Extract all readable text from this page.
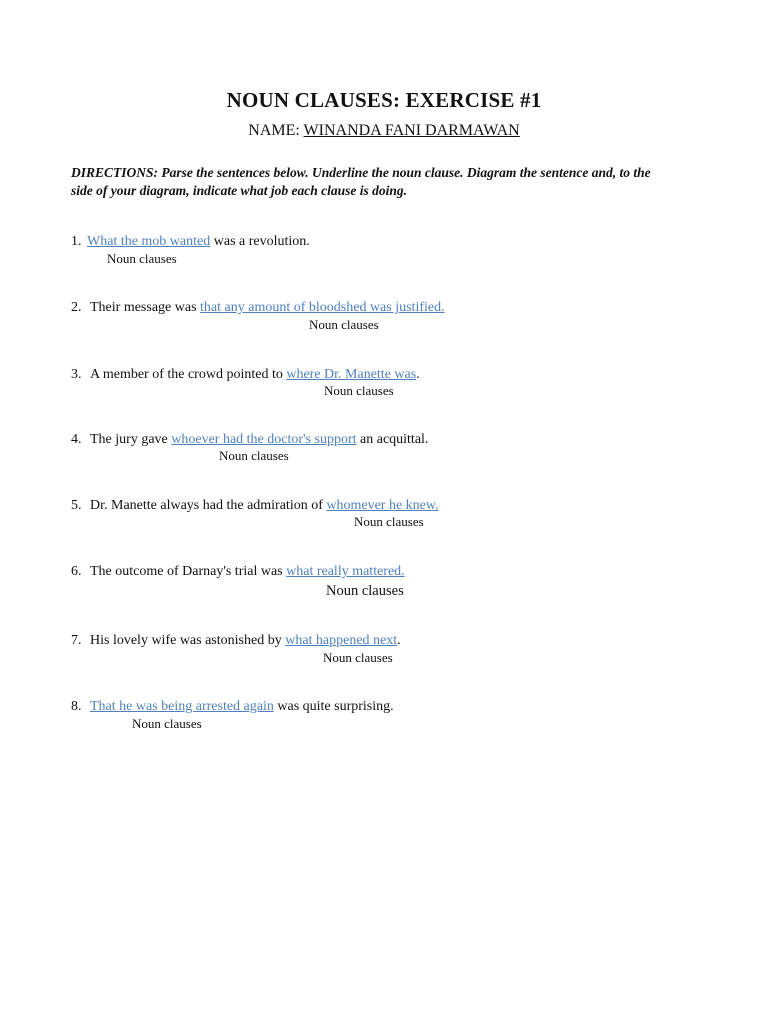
NOUN CLAUSES: EXERCISE #1
NAME: WINANDA FANI DARMAWAN
DIRECTIONS: Parse the sentences below. Underline the noun clause. Diagram the sentence and, to the side of your diagram, indicate what job each clause is doing.
1. What the mob wanted was a revolution.
Noun clauses
2. Their message was that any amount of bloodshed was justified.
Noun clauses
3. A member of the crowd pointed to where Dr. Manette was.
Noun clauses
4. The jury gave whoever had the doctor's support an acquittal.
Noun clauses
5. Dr. Manette always had the admiration of whomever he knew.
Noun clauses
6. The outcome of Darnay's trial was what really mattered.
Noun clauses
7. His lovely wife was astonished by what happened next.
Noun clauses
8. That he was being arrested again was quite surprising.
Noun clauses
